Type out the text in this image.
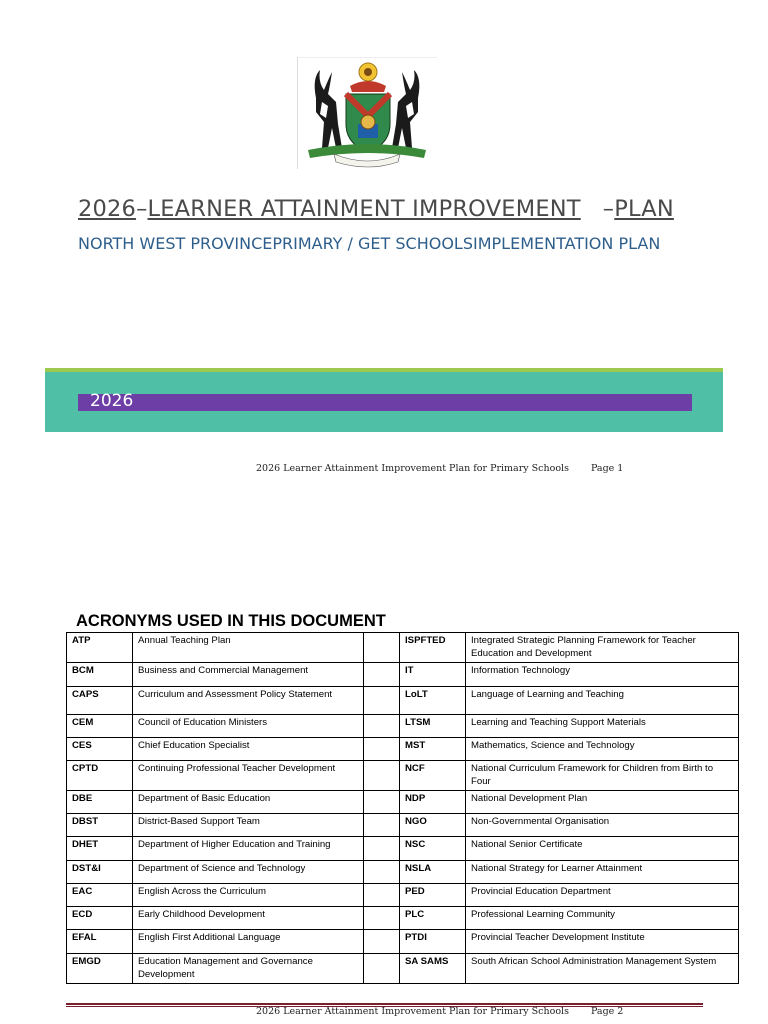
2026–LEARNER ATTAINMENT IMPROVEMENT   –PLAN
NORTH WEST PROVINCEPRIMARY / GET SCHOOLSIMPLEMENTATION PLAN
2026
2026 Learner Attainment Improvement Plan for Primary Schools Page 1
ACRONYMS USED IN THIS DOCUMENT
ATP	Annual Teaching Plan		ISPFTED	Integrated Strategic Planning Framework for Teacher Education and Development
BCM	Business and Commercial Management		IT	Information Technology
CAPS	Curriculum and Assessment Policy Statement		LoLT	Language of Learning and Teaching
CEM	Council of Education Ministers		LTSM	Learning and Teaching Support Materials
CES	Chief Education Specialist		MST	Mathematics, Science and Technology
CPTD	Continuing Professional Teacher Development		NCF	National Curriculum Framework for Children from Birth to Four
DBE	Department of Basic Education		NDP	National Development Plan
DBST	District-Based Support Team		NGO	Non-Governmental Organisation
DHET	Department of Higher Education and Training		NSC	National Senior Certificate
DST&I	Department of Science and Technology		NSLA	National Strategy for Learner Attainment
EAC	English Across the Curriculum		PED	Provincial Education Department
ECD	Early Childhood Development		PLC	Professional Learning Community
EFAL	English First Additional Language		PTDI	Provincial Teacher Development Institute
EMGD	Education Management and Governance Development		SA SAMS	South African School Administration Management System
2026 Learner Attainment Improvement Plan for Primary Schools Page 2
